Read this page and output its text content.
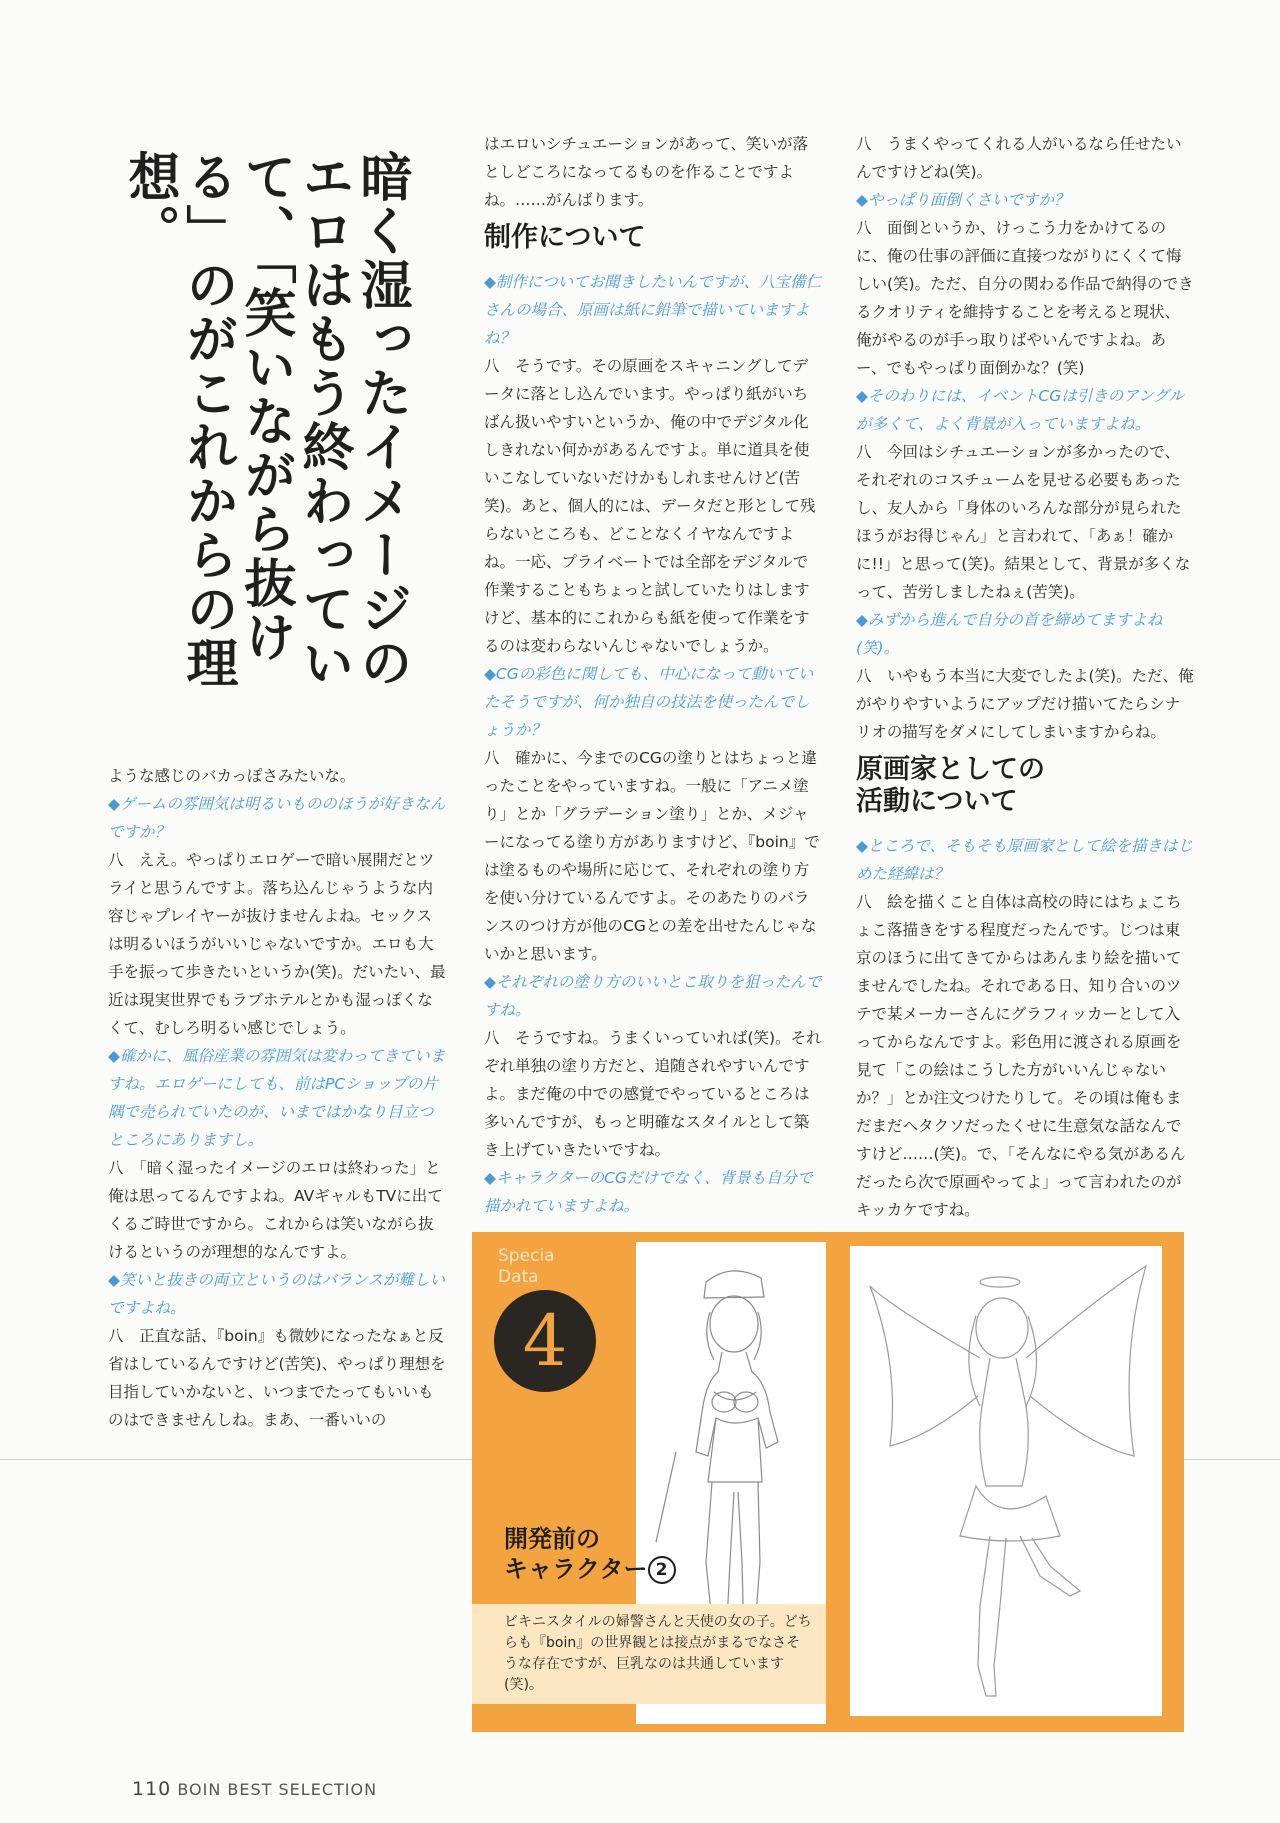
暗く湿ったイメージのエロはもう終わっていて、「笑いながら抜ける」のがこれからの理想。

ような感じのバカっぽさみたいな。

◆ゲームの雰囲気は明るいもののほうが好きなんですか？

八　ええ。やっぱりエロゲーで暗い展開だとツライと思うんですよ。落ち込んじゃうような内容じゃプレイヤーが抜けませんよね。セックスは明るいほうがいいじゃないですか。エロも大手を振って歩きたいというか(笑)。だいたい、最近は現実世界でもラブホテルとかも湿っぽくなくて、むしろ明るい感じでしょう。

◆確かに、風俗産業の雰囲気は変わってきていますね。エロゲーにしても、前はPCショップの片隅で売られていたのが、いまではかなり目立つところにありますし。

八　「暗く湿ったイメージのエロは終わった」と俺は思ってるんですよね。AVギャルもTVに出てくるご時世ですから。これからは笑いながら抜けるというのが理想的なんですよ。

◆笑いと抜きの両立というのはバランスが難しいですよね。

八　正直な話、『boin』も微妙になったなぁと反省はしているんですけど(苦笑)、やっぱり理想を目指していかないと、いつまでたってもいいものはできませんしね。まあ、一番いいの

はエロいシチュエーションがあって、笑いが落としどころになってるものを作ることですよね。……がんばります。

制作について

◆制作についてお聞きしたいんですが、八宝備仁さんの場合、原画は紙に鉛筆で描いていますよね？

八　そうです。その原画をスキャニングしてデータに落とし込んでいます。やっぱり紙がいちばん扱いやすいというか、俺の中でデジタル化しきれない何かがあるんですよ。単に道具を使いこなしていないだけかもしれませんけど(苦笑)。あと、個人的には、データだと形として残らないところも、どことなくイヤなんですよね。一応、プライベートでは全部をデジタルで作業することもちょっと試していたりはしますけど、基本的にこれからも紙を使って作業をするのは変わらないんじゃないでしょうか。

◆CGの彩色に関しても、中心になって動いていたそうですが、何か独自の技法を使ったんでしょうか？

八　確かに、今までのCGの塗りとはちょっと違ったことをやっていますね。一般に「アニメ塗り」とか「グラデーション塗り」とか、メジャーになってる塗り方がありますけど、『boin』では塗るものや場所に応じて、それぞれの塗り方を使い分けているんですよ。そのあたりのバランスのつけ方が他のCGとの差を出せたんじゃないかと思います。

◆それぞれの塗り方のいいとこ取りを狙ったんですね。

八　そうですね。うまくいっていれば(笑)。それぞれ単独の塗り方だと、追随されやすいんですよ。まだ俺の中での感覚でやっているところは多いんですが、もっと明確なスタイルとして築き上げていきたいですね。

◆キャラクターのCGだけでなく、背景も自分で描かれていますよね。

八　うまくやってくれる人がいるなら任せたいんですけどね(笑)。

◆やっぱり面倒くさいですか？

八　面倒というか、けっこう力をかけてるのに、俺の仕事の評価に直接つながりにくくて悔しい(笑)。ただ、自分の関わる作品で納得のできるクオリティを維持することを考えると現状、俺がやるのが手っ取りばやいんですよね。あー、でもやっぱり面倒かな？(笑)

◆そのわりには、イベントCGは引きのアングルが多くて、よく背景が入っていますよね。

八　今回はシチュエーションが多かったので、それぞれのコスチュームを見せる必要もあったし、友人から「身体のいろんな部分が見られたほうがお得じゃん」と言われて、「あぁ！確かに!!」と思って(笑)。結果として、背景が多くなって、苦労しましたねぇ(苦笑)。

◆みずから進んで自分の首を締めてますよね(笑)。

八　いやもう本当に大変でしたよ(笑)。ただ、俺がやりやすいようにアップだけ描いてたらシナリオの描写をダメにしてしまいますからね。

原画家としての
活動について

◆ところで、そもそも原画家として絵を描きはじめた経緯は？

八　絵を描くこと自体は高校の時にはちょこちょこ落描きをする程度だったんです。じつは東京のほうに出てきてからはあんまり絵を描いてませんでしたね。それである日、知り合いのツテで某メーカーさんにグラフィッカーとして入ってからなんですよ。彩色用に渡される原画を見て「この絵はこうした方がいいんじゃないか？」とか注文つけたりして。その頃は俺もまだまだヘタクソだったくせに生意気な話なんですけど……(笑)。で、「そんなにやる気があるんだったら次で原画やってよ」って言われたのがキッカケですね。

Specia
Data
4
開発前の
キャラクター 2
ビキニスタイルの婦警さんと天使の女の子。どちらも『boin』の世界観とは接点がまるでなさそうな存在ですが、巨乳なのは共通しています(笑)。
110 BOIN BEST SELECTION
